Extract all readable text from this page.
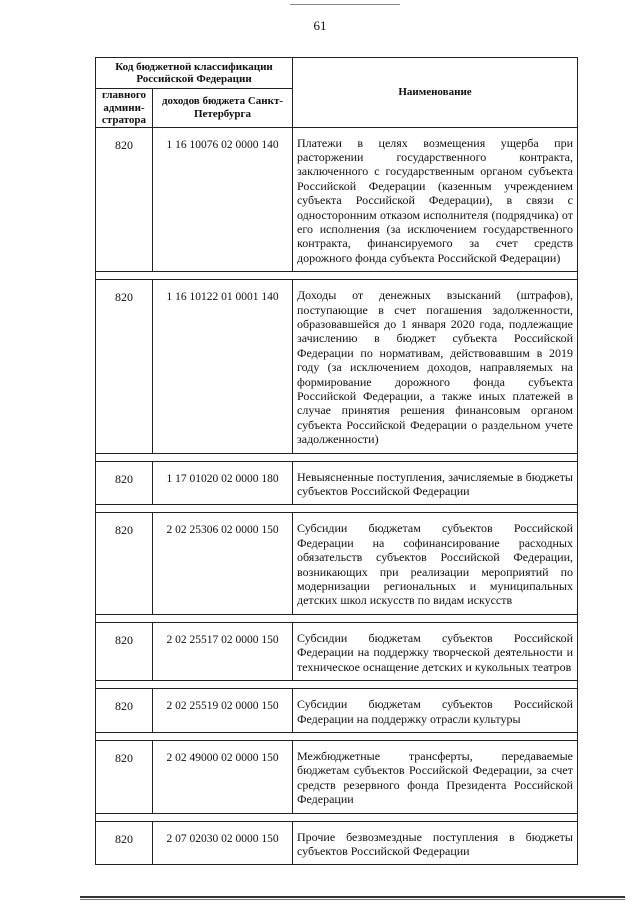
61
Код бюджетной классификации Российской Федерации		Наименование
главного админи-стратора	доходов бюджета Санкт-Петербурга	
820	1 16 10076 02 0000 140	Платежи в целях возмещения ущерба при расторжении государственного контракта, заключенного с государственным органом субъекта Российской Федерации (казенным учреждением субъекта Российской Федерации), в связи с односторонним отказом исполнителя (подрядчика) от его исполнения (за исключением государственного контракта, финансируемого за счет средств дорожного фонда субъекта Российской Федерации)

820	1 16 10122 01 0001 140	Доходы от денежных взысканий (штрафов), поступающие в счет погашения задолженности, образовавшейся до 1 января 2020 года, подлежащие зачислению в бюджет субъекта Российской Федерации по нормативам, действовавшим в 2019 году (за исключением доходов, направляемых на формирование дорожного фонда субъекта Российской Федерации, а также иных платежей в случае принятия решения финансовым органом субъекта Российской Федерации о раздельном учете задолженности)

820	1 17 01020 02 0000 180	Невыясненные поступления, зачисляемые в бюджеты субъектов Российской Федерации

820	2 02 25306 02 0000 150	Субсидии бюджетам субъектов Российской Федерации на софинансирование расходных обязательств субъектов Российской Федерации, возникающих при реализации мероприятий по модернизации региональных и муниципальных детских школ искусств по видам искусств

820	2 02 25517 02 0000 150	Субсидии бюджетам субъектов Российской Федерации на поддержку творческой деятельности и техническое оснащение детских и кукольных театров

820	2 02 25519 02 0000 150	Субсидии бюджетам субъектов Российской Федерации на поддержку отрасли культуры

820	2 02 49000 02 0000 150	Межбюджетные трансферты, передаваемые бюджетам субъектов Российской Федерации, за счет средств резервного фонда Президента Российской Федерации

820	2 07 02030 02 0000 150	Прочие безвозмездные поступления в бюджеты субъектов Российской Федерации
